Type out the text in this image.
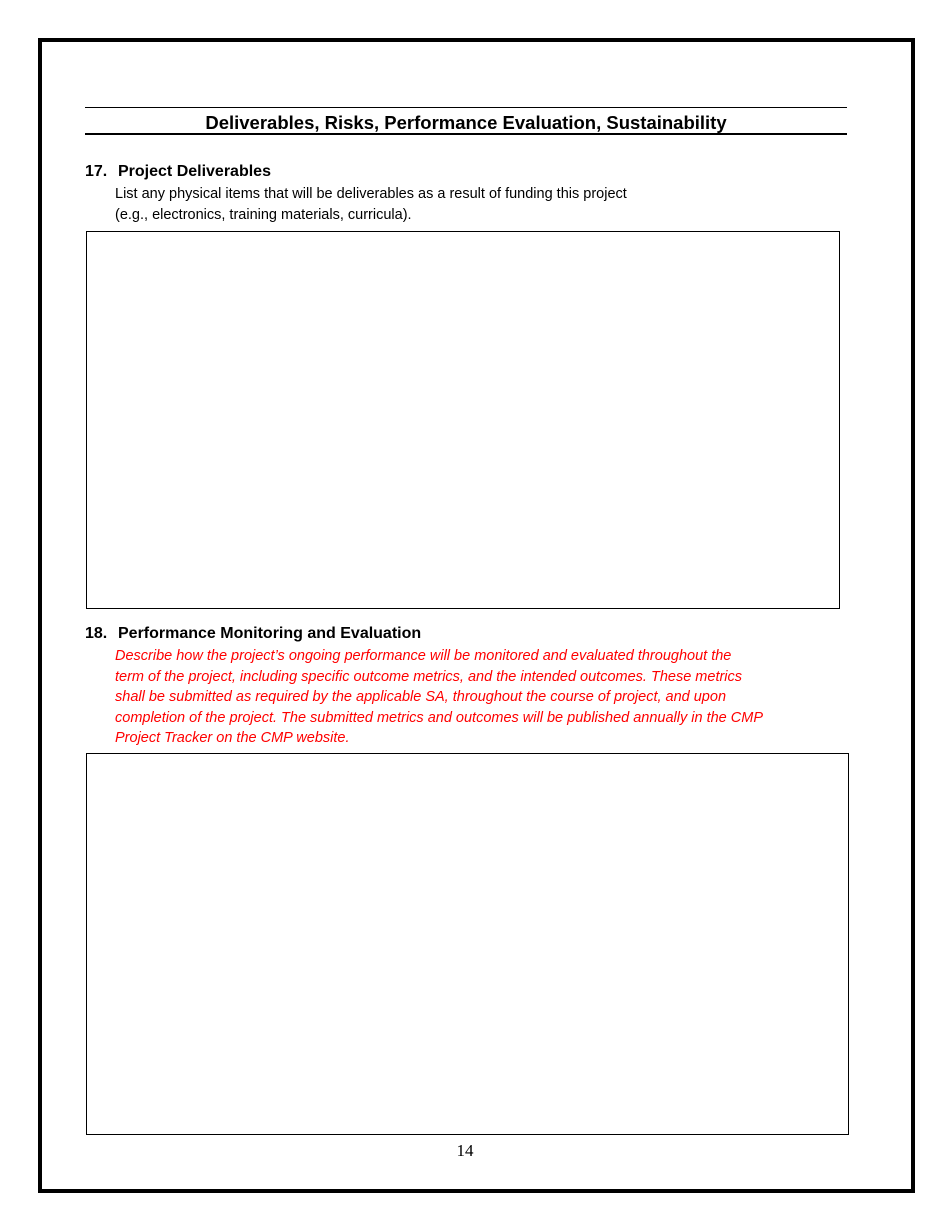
Deliverables, Risks, Performance Evaluation, Sustainability
17. Project Deliverables
List any physical items that will be deliverables as a result of funding this project
(e.g., electronics, training materials, curricula).
18. Performance Monitoring and Evaluation
Describe how the project’s ongoing performance will be monitored and evaluated throughout the
term of the project, including specific outcome metrics, and the intended outcomes. These metrics
shall be submitted as required by the applicable SA, throughout the course of project, and upon
completion of the project. The submitted metrics and outcomes will be published annually in the CMP
Project Tracker on the CMP website.
14
